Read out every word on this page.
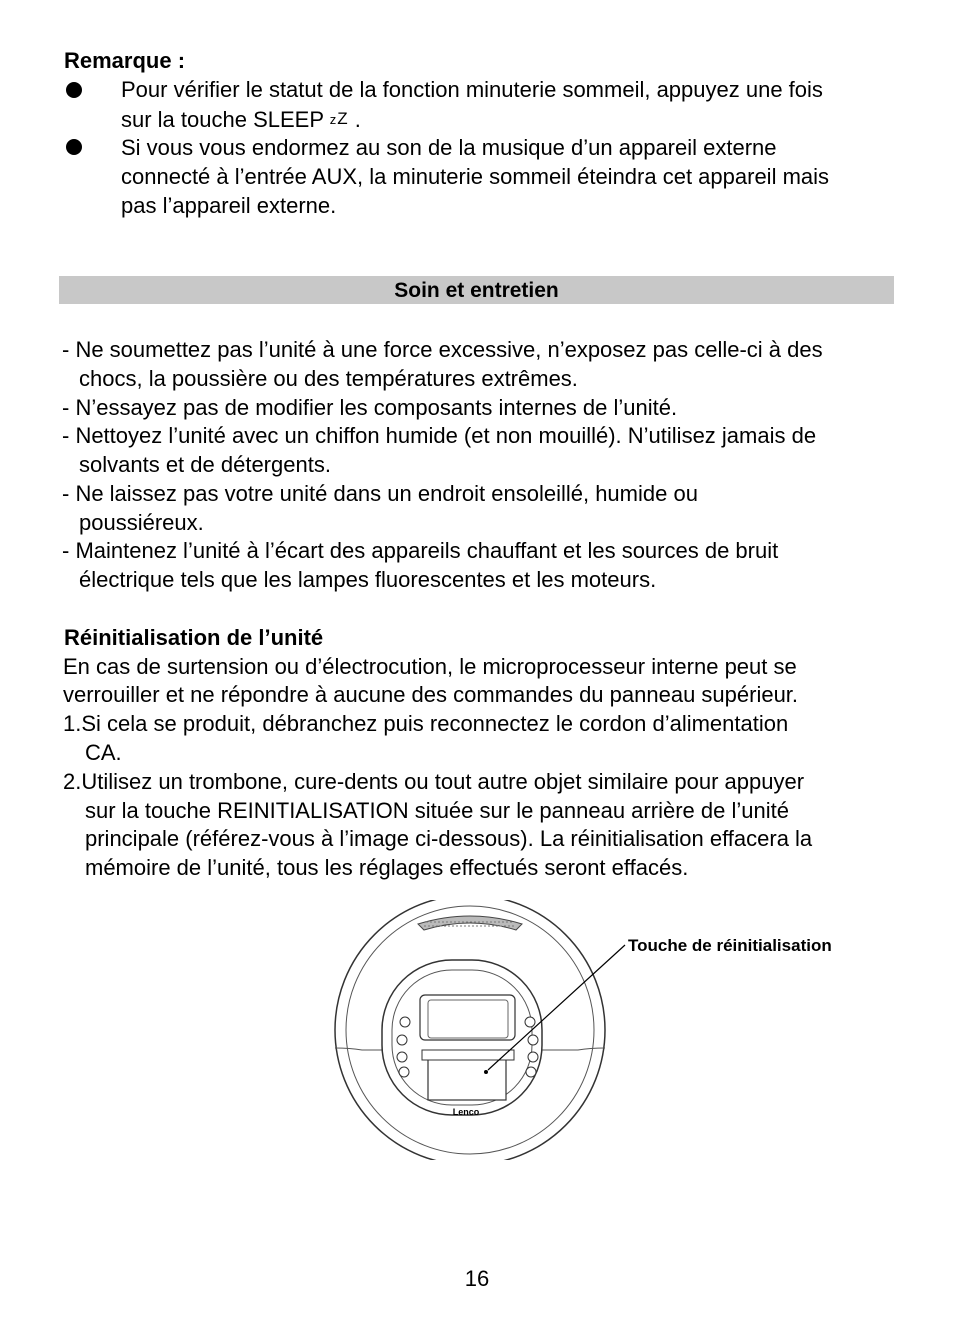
Remarque :
Pour vérifier le statut de la fonction minuterie sommeil, appuyez une fois
sur la touche SLEEP zZ .
Si vous vous endormez au son de la musique d’un appareil externe
connecté à l’entrée AUX, la minuterie sommeil éteindra cet appareil mais
pas l’appareil externe.
Soin et entretien
- Ne soumettez pas l’unité à une force excessive, n’exposez pas celle-ci à des
chocs, la poussière ou des températures extrêmes.
- N’essayez pas de modifier les composants internes de l’unité.
- Nettoyez l’unité avec un chiffon humide (et non mouillé). N’utilisez jamais de
solvants et de détergents.
- Ne laissez pas votre unité dans un endroit ensoleillé, humide ou
poussiéreux.
- Maintenez l’unité à l’écart des appareils chauffant et les sources de bruit
électrique tels que les lampes fluorescentes et les moteurs.
Réinitialisation de l’unité
En cas de surtension ou d’électrocution, le microprocesseur interne peut se
verrouiller et ne répondre à aucune des commandes du panneau supérieur.
1.Si cela se produit, débranchez puis reconnectez le cordon d’alimentation
CA.
2.Utilisez un trombone, cure-dents ou tout autre objet similaire pour appuyer
sur la touche REINITIALISATION située sur le panneau arrière de l’unité
principale (référez-vous à l’image ci-dessous). La réinitialisation effacera la
mémoire de l’unité, tous les réglages effectués seront effacés.
Lenco
Touche de réinitialisation
16
